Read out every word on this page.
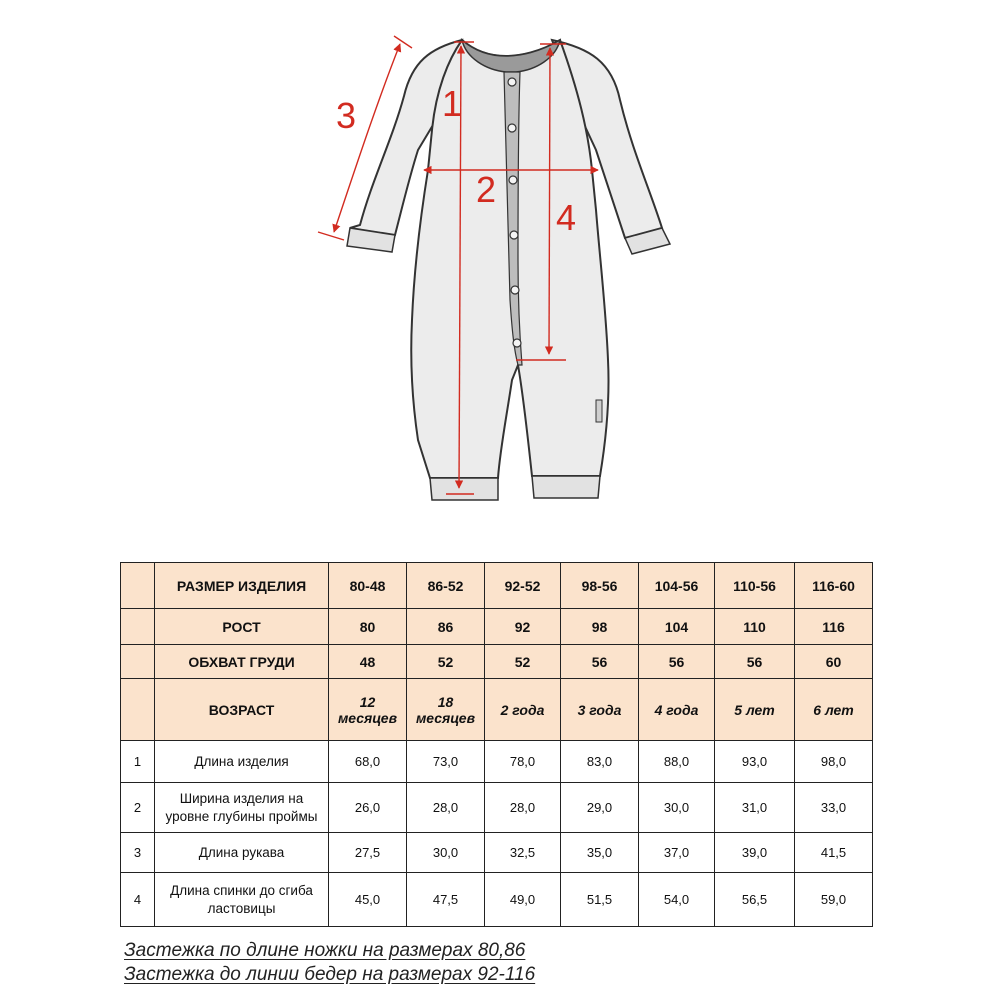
1
2
3
4
	РАЗМЕР ИЗДЕЛИЯ	80-48	86-52	92-52	98-56	104-56	110-56	116-60
	РОСТ	80	86	92	98	104	110	116
	ОБХВАТ ГРУДИ	48	52	52	56	56	56	60
	ВОЗРАСТ	12 месяцев	18 месяцев	2 года	3 года	4 года	5 лет	6 лет
1	Длина изделия	68,0	73,0	78,0	83,0	88,0	93,0	98,0
2	Ширина изделия на уровне глубины проймы	26,0	28,0	28,0	29,0	30,0	31,0	33,0
3	Длина рукава	27,5	30,0	32,5	35,0	37,0	39,0	41,5
4	Длина спинки до сгиба ластовицы	45,0	47,5	49,0	51,5	54,0	56,5	59,0
Застежка по длине ножки на размерах 80,86
Застежка до линии бедер на размерах 92-116
